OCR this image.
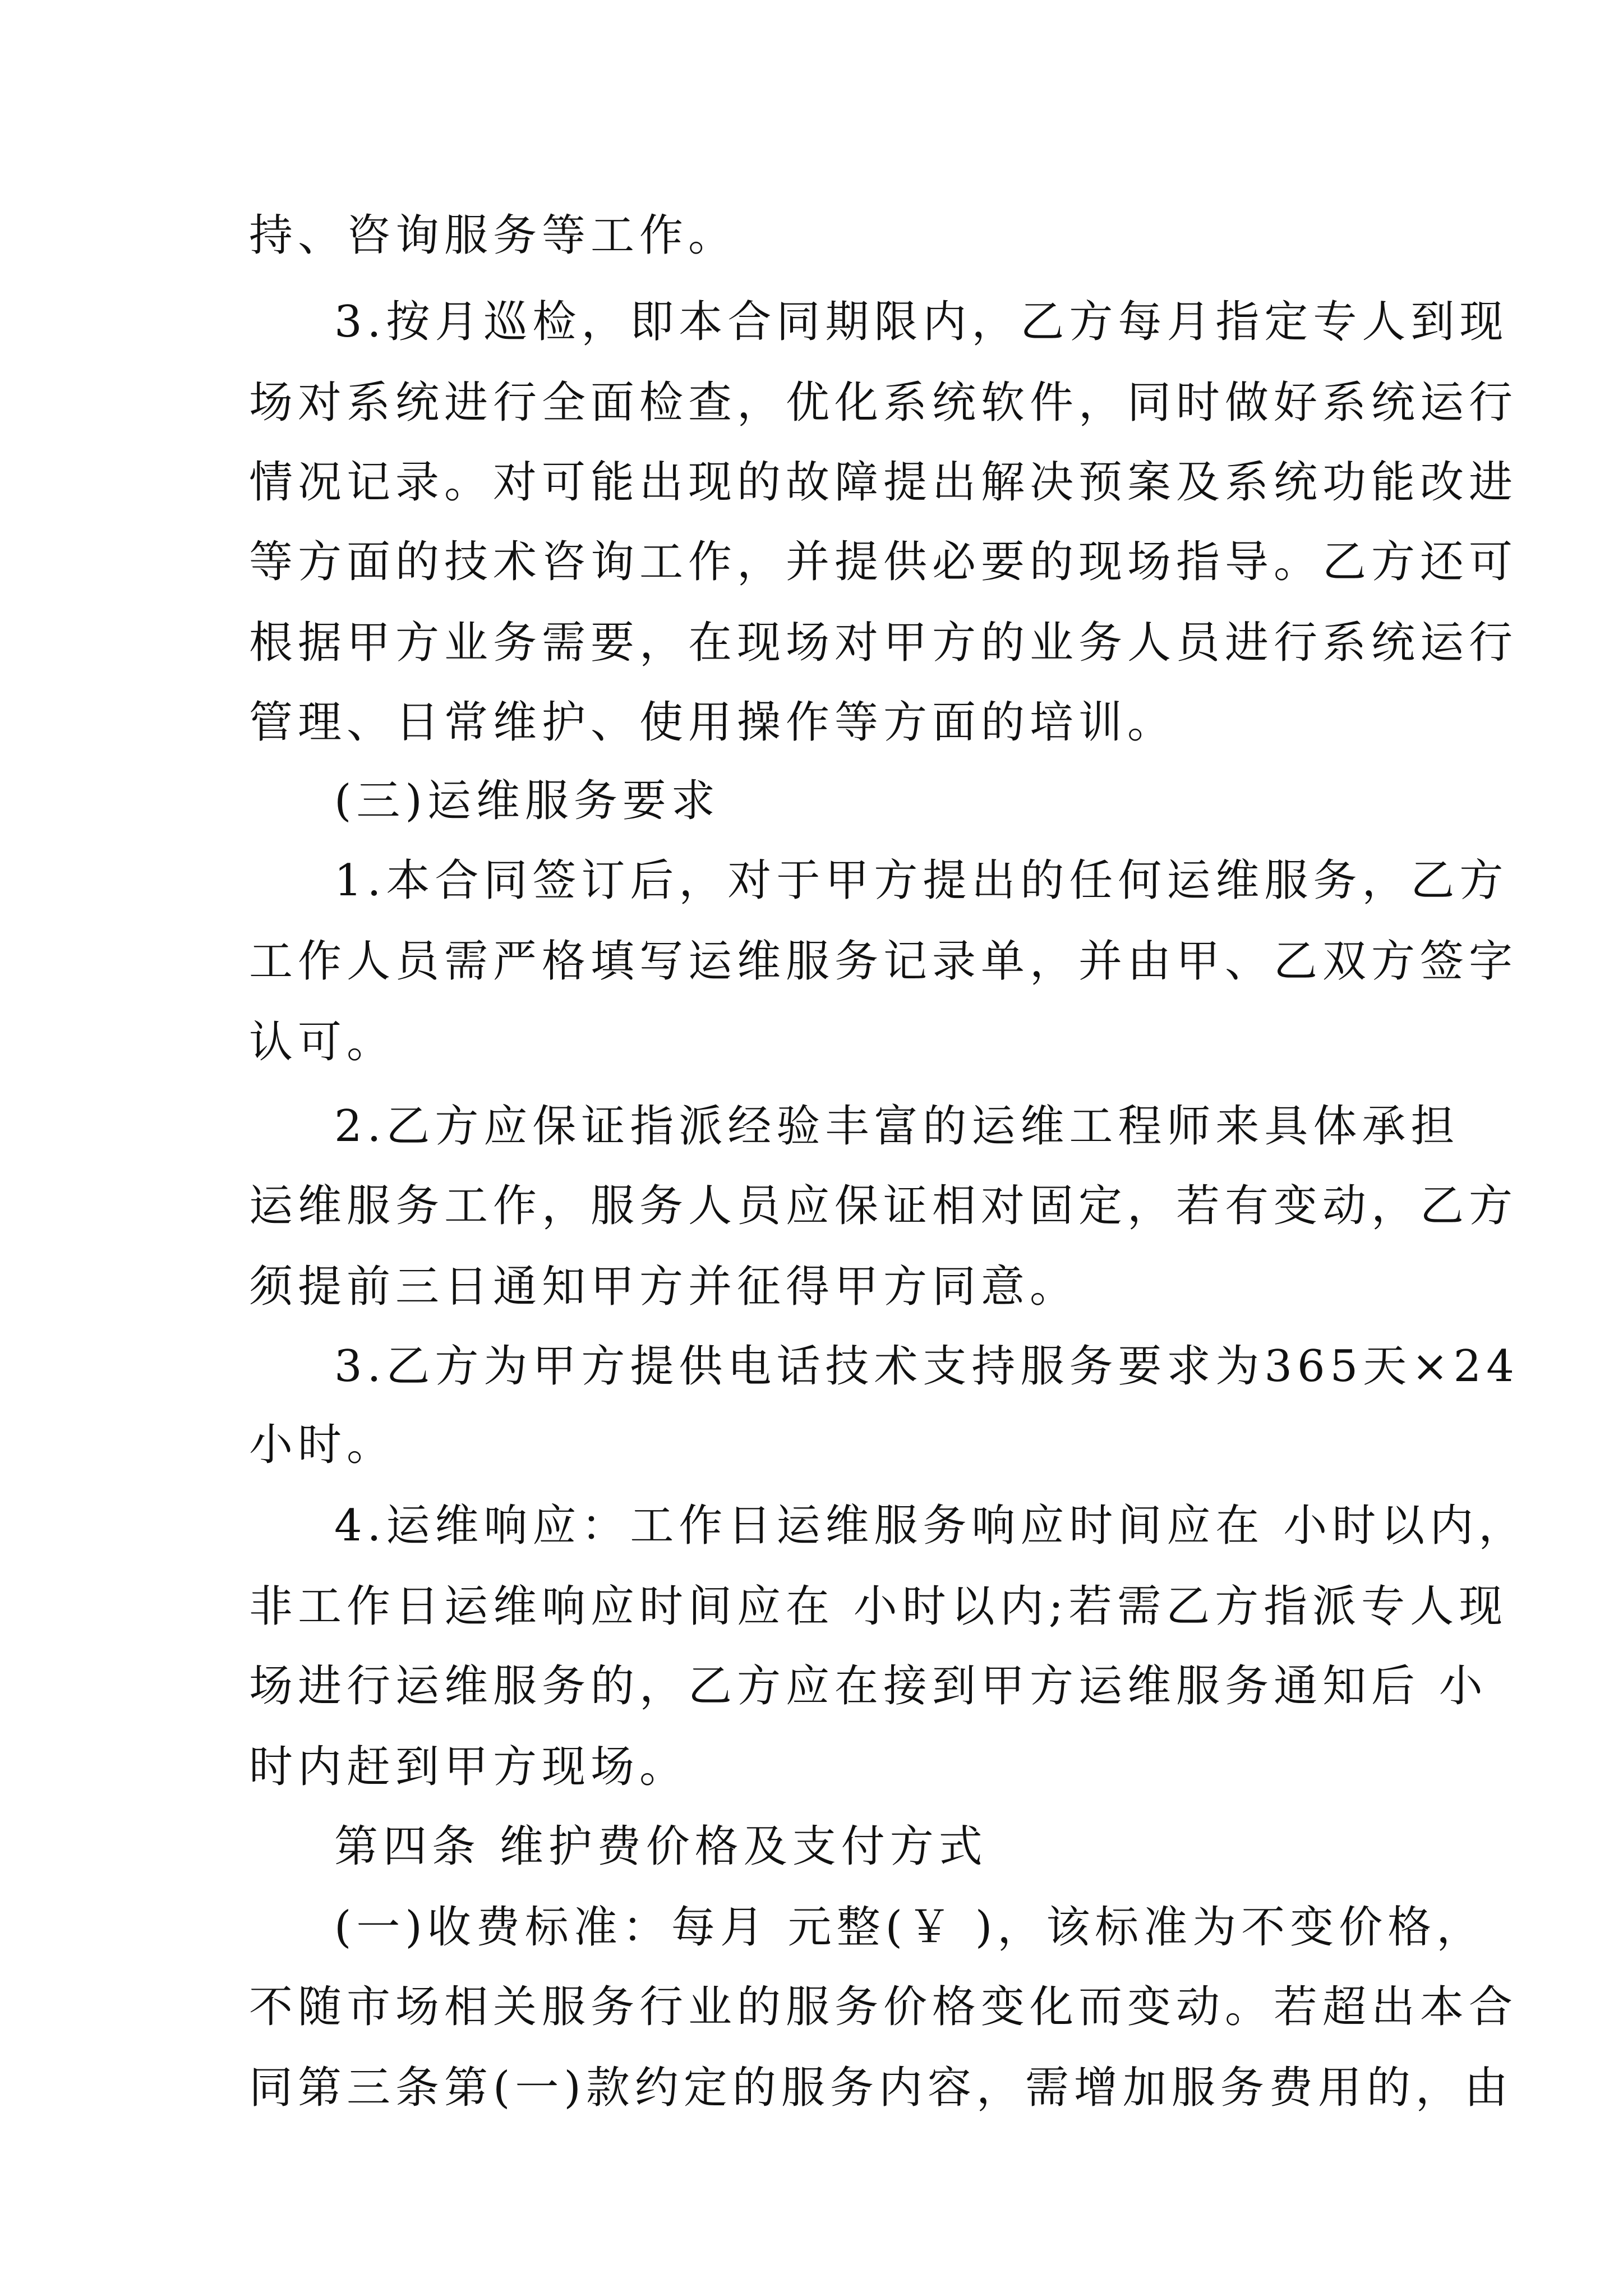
持、咨询服务等工作。
3.按月巡检，即本合同期限内，乙方每月指定专人到现
场对系统进行全面检查，优化系统软件，同时做好系统运行
情况记录。对可能出现的故障提出解决预案及系统功能改进
等方面的技术咨询工作，并提供必要的现场指导。乙方还可
根据甲方业务需要，在现场对甲方的业务人员进行系统运行
管理、日常维护、使用操作等方面的培训。
(三)运维服务要求
1.本合同签订后，对于甲方提出的任何运维服务，乙方
工作人员需严格填写运维服务记录单，并由甲、乙双方签字
认可。
2.乙方应保证指派经验丰富的运维工程师来具体承担
运维服务工作，服务人员应保证相对固定，若有变动，乙方
须提前三日通知甲方并征得甲方同意。
3.乙方为甲方提供电话技术支持服务要求为365天×24
小时。
4.运维响应：工作日运维服务响应时间应在 小时以内，
非工作日运维响应时间应在 小时以内;若需乙方指派专人现
场进行运维服务的，乙方应在接到甲方运维服务通知后 小
时内赶到甲方现场。
第四条 维护费价格及支付方式
(一)收费标准：每月 元整(￥ )，该标准为不变价格，
不随市场相关服务行业的服务价格变化而变动。若超出本合
同第三条第(一)款约定的服务内容，需增加服务费用的，由
